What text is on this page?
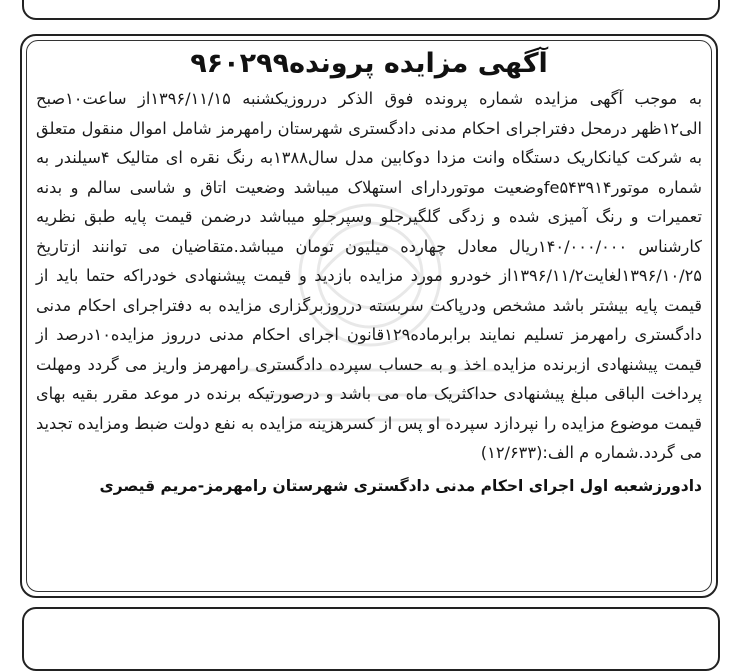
آگهی مزایده پرونده۹۶۰۲۹۹

به موجب آگهی مزایده شماره پرونده فوق الذکر درروزیکشنبه ۱۳۹۶/۱۱/۱۵از ساعت۱۰صبح الی۱۲ظهر درمحل دفتراجرای احکام مدنی دادگستری شهرستان رامهرمز شامل اموال منقول متعلق به شرکت کیانکاریک دستگاه وانت مزدا دوکابین مدل سال۱۳۸۸به رنگ نقره ای متالیک ۴سیلندر به شماره موتورfe۵۴۳۹۱۴وضعیت موتوردارای استهلاک میباشد وضعیت اتاق و شاسی سالم و بدنه تعمیرات و رنگ آمیزی شده و زدگی گلگیرجلو وسپرجلو میباشد درضمن قیمت پایه طبق نظریه کارشناس ۱۴۰/۰۰۰/۰۰۰ریال معادل چهارده میلیون تومان میباشد.متقاضیان می توانند ازتاریخ ۱۳۹۶/۱۰/۲۵لغایت۱۳۹۶/۱۱/۲از خودرو مورد مزایده بازدید و قیمت پیشنهادی خودراکه حتما باید از قیمت پایه بیشتر باشد مشخص ودرپاکت سربسته درروزبرگزاری مزایده به دفتراجرای احکام مدنی دادگستری رامهرمز تسلیم نمایند برابرماده۱۲۹قانون اجرای احکام مدنی درروز مزایده۱۰درصد از قیمت پیشنهادی ازبرنده مزایده اخذ و به حساب سپرده دادگستری رامهرمز واریز می گردد ومهلت پرداخت الباقی مبلغ پیشنهادی حداکثریک ماه می باشد و درصورتیکه برنده در موعد مقرر بقیه بهای قیمت موضوع مزایده را نپردازد سپرده او پس از کسرهزینه مزایده به نفع دولت ضبط ومزایده تجدید می گردد.شماره م الف:(۱۲/۶۳۳)

دادورزشعبه اول اجرای احکام مدنی دادگستری شهرستان رامهرمز-مریم قیصری
